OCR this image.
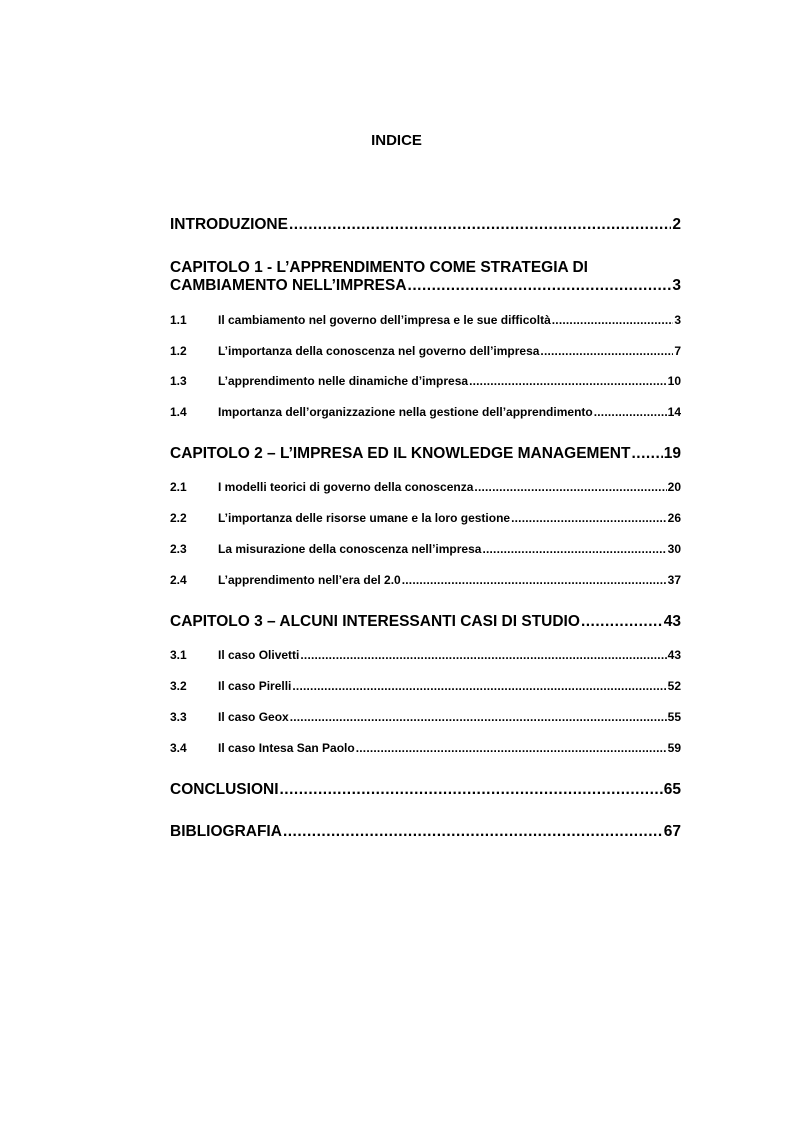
INDICE
INTRODUZIONE .....	2
CAPITOLO 1 - L’APPRENDIMENTO COME STRATEGIA DI
CAMBIAMENTO NELL’IMPRESA .....	3
1.1	Il cambiamento nel governo dell’impresa e le sue difficoltà .....	3
1.2	L’importanza della conoscenza nel governo dell’impresa .....	7
1.3	L’apprendimento nelle dinamiche d’impresa .....	10
1.4	Importanza dell’organizzazione nella gestione dell’apprendimento .....	14
CAPITOLO 2 – L’IMPRESA ED IL KNOWLEDGE MANAGEMENT ..... 19
2.1	I modelli teorici di governo della conoscenza .....	20
2.2	L’importanza delle risorse umane e la loro gestione .....	26
2.3	La misurazione della conoscenza nell’impresa .....	30
2.4	L’apprendimento nell’era del 2.0 .....	37
CAPITOLO 3 – ALCUNI INTERESSANTI CASI DI STUDIO .....	43
3.1	Il caso Olivetti .....	43
3.2	Il caso Pirelli .....	52
3.3	Il caso Geox .....	55
3.4	Il caso Intesa San Paolo .....	59
CONCLUSIONI .....	65
BIBLIOGRAFIA .....	67
